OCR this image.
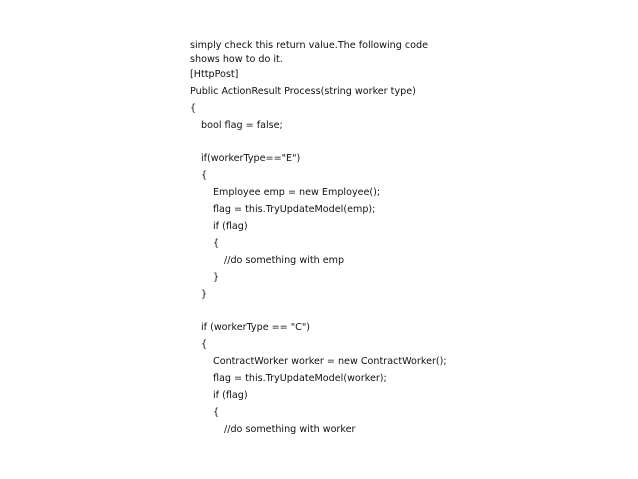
simply check this return value.The following code shows how to do it.

[HttpPost]
Public ActionResult Process(string worker type)
{
bool flag = false;
if(workerType=="E")
{
Employee emp = new Employee();
flag = this.TryUpdateModel(emp);
if (flag)
{
//do something with emp
}
}
if (workerType == "C")
{
ContractWorker worker = new ContractWorker();
flag = this.TryUpdateModel(worker);
if (flag)
{
//do something with worker
